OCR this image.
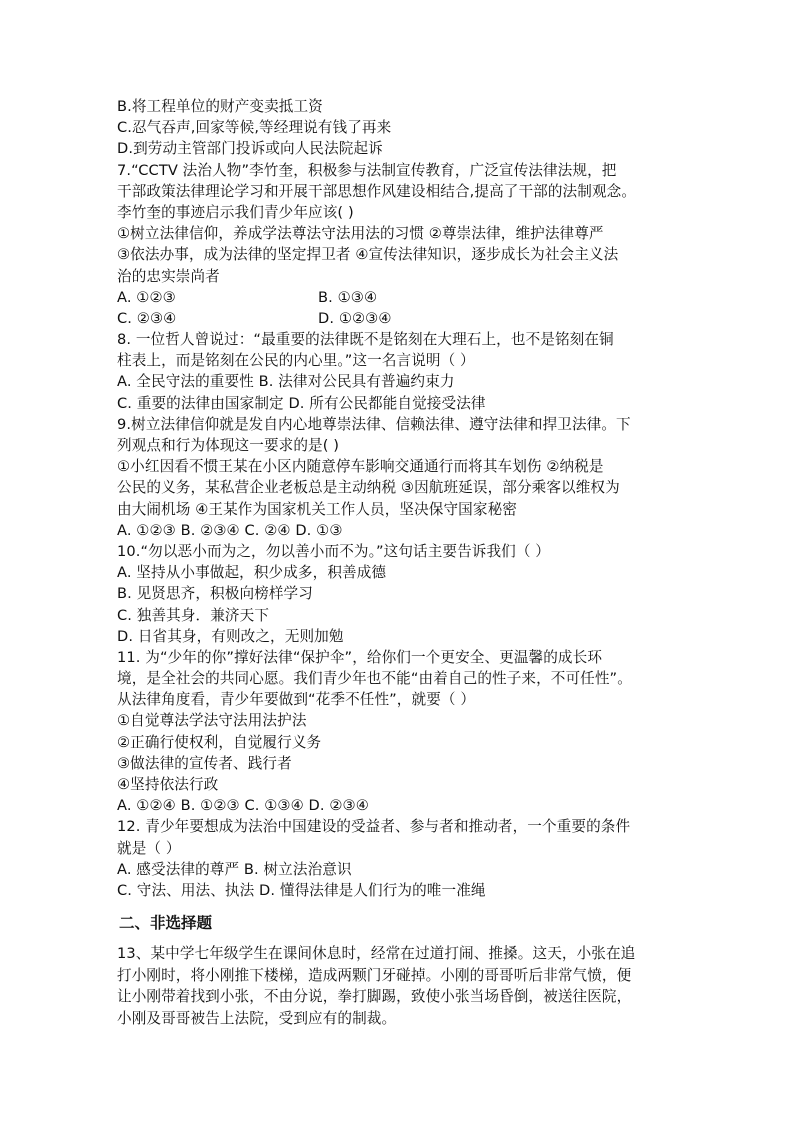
B.将工程单位的财产变卖抵工资
C.忍气吞声,回家等候,等经理说有钱了再来
D.到劳动主管部门投诉或向人民法院起诉
7.“CCTV 法治人物”李竹奎，积极参与法制宣传教育，广泛宣传法律法规，把
干部政策法律理论学习和开展干部思想作风建设相结合,提高了干部的法制观念。
李竹奎的事迹启示我们青少年应该( )
①树立法律信仰，养成学法尊法守法用法的习惯 ②尊崇法律，维护法律尊严
③依法办事，成为法律的坚定捍卫者 ④宣传法律知识，逐步成长为社会主义法
治的忠实崇尚者
A. ①②③	B. ①③④
C. ②③④	D. ①②③④
8. 一位哲人曾说过：“最重要的法律既不是铭刻在大理石上，也不是铭刻在铜
柱表上，而是铭刻在公民的内心里。”这一名言说明（ ）
A. 全民守法的重要性 B. 法律对公民具有普遍约束力
C. 重要的法律由国家制定 D. 所有公民都能自觉接受法律
9.树立法律信仰就是发自内心地尊崇法律、信赖法律、遵守法律和捍卫法律。下
列观点和行为体现这一要求的是( )
①小红因看不惯王某在小区内随意停车影响交通通行而将其车划伤 ②纳税是
公民的义务，某私营企业老板总是主动纳税 ③因航班延误，部分乘客以维权为
由大闹机场 ④王某作为国家机关工作人员，坚决保守国家秘密
A. ①②③ B. ②③④ C. ②④ D. ①③
10.“勿以恶小而为之，勿以善小而不为。”这句话主要告诉我们（ ）
A. 坚持从小事做起，积少成多，积善成德
B. 见贤思齐，积极向榜样学习
C. 独善其身．兼济天下
D. 日省其身，有则改之，无则加勉
11. 为“少年的你”撑好法律“保护伞”，给你们一个更安全、更温馨的成长环
境，是全社会的共同心愿。我们青少年也不能“由着自己的性子来，不可任性”。
从法律角度看，青少年要做到“花季不任性”，就要（ ）
①自觉尊法学法守法用法护法
②正确行使权利，自觉履行义务
③做法律的宣传者、践行者
④坚持依法行政
A. ①②④ B. ①②③ C. ①③④ D. ②③④
12. 青少年要想成为法治中国建设的受益者、参与者和推动者，一个重要的条件
就是（ ）
A. 感受法律的尊严 B. 树立法治意识
C. 守法、用法、执法 D. 懂得法律是人们行为的唯一准绳
二、非选择题
13、某中学七年级学生在课间休息时，经常在过道打闹、推搡。这天，小张在追
打小刚时，将小刚推下楼梯，造成两颗门牙碰掉。小刚的哥哥听后非常气愤，便
让小刚带着找到小张，不由分说，拳打脚踢，致使小张当场昏倒，被送往医院，
小刚及哥哥被告上法院，受到应有的制裁。
